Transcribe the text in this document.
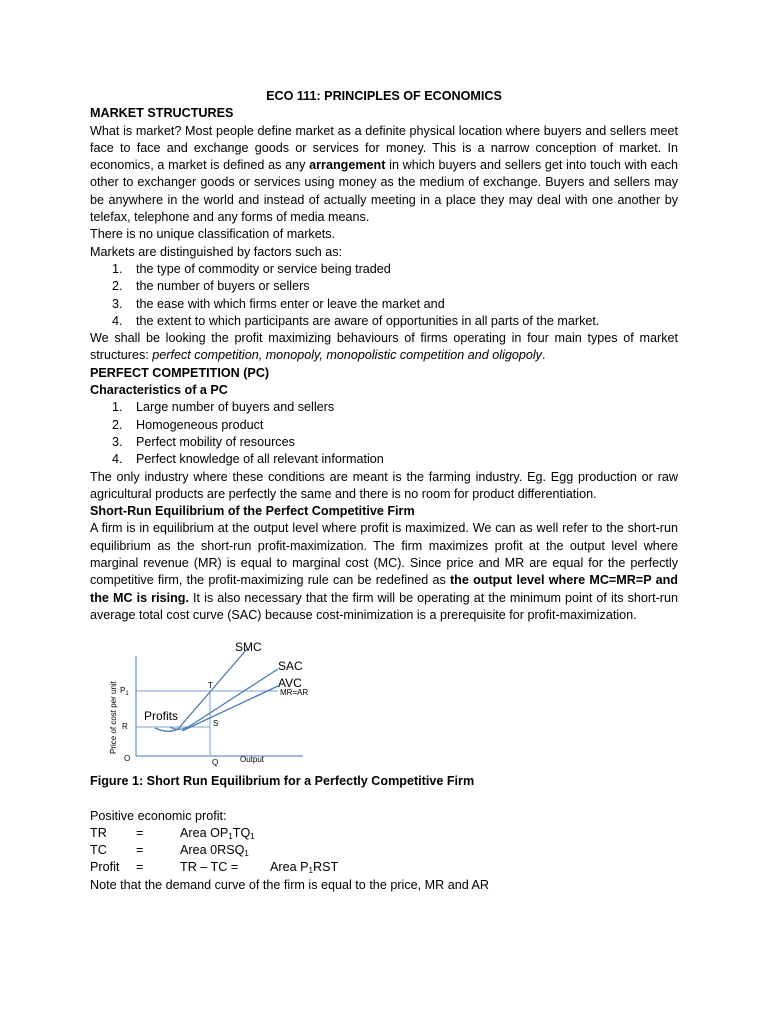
ECO 111: PRINCIPLES OF ECONOMICS
MARKET STRUCTURES
What is market? Most people define market as a definite physical location where buyers and sellers meet face to face and exchange goods or services for money. This is a narrow conception of market. In economics, a market is defined as any arrangement in which buyers and sellers get into touch with each other to exchanger goods or services using money as the medium of exchange. Buyers and sellers may be anywhere in the world and instead of actually meeting in a place they may deal with one another by telefax, telephone and any forms of media means.
There is no unique classification of markets.
Markets are distinguished by factors such as:
1. the type of commodity or service being traded
2. the number of buyers or sellers
3. the ease with which firms enter or leave the market and
4. the extent to which participants are aware of opportunities in all parts of the market.
We shall be looking the profit maximizing behaviours of firms operating in four main types of market structures: perfect competition, monopoly, monopolistic competition and oligopoly.
PERFECT COMPETITION (PC)
Characteristics of a PC
1. Large number of buyers and sellers
2. Homogeneous product
3. Perfect mobility of resources
4. Perfect knowledge of all relevant information
The only industry where these conditions are meant is the farming industry. Eg. Egg production or raw agricultural products are perfectly the same and there is no room for product differentiation.
Short-Run Equilibrium of the Perfect Competitive Firm
A firm is in equilibrium at the output level where profit is maximized. We can as well refer to the short-run equilibrium as the short-run profit-maximization. The firm maximizes profit at the output level where marginal revenue (MR) is equal to marginal cost (MC). Since price and MR are equal for the perfectly competitive firm, the profit-maximizing rule can be redefined as the output level where MC=MR=P and the MC is rising. It is also necessary that the firm will be operating at the minimum point of its short-run average total cost curve (SAC) because cost-minimization is a prerequisite for profit-maximization.
Price of cost per unit
SMC
SAC
AVC
MR=AR
Profits
O	Q	Output
R
T
S
$P_1$
Figure 1: Short Run Equilibrium for a Perfectly Competitive Firm
Positive economic profit:
TR =	Area $OP_1TQ_1$
TC =	Area $0RSQ_1$
Profit =	TR – TC =	Area $P_1RST$
Note that the demand curve of the firm is equal to the price, MR and AR
